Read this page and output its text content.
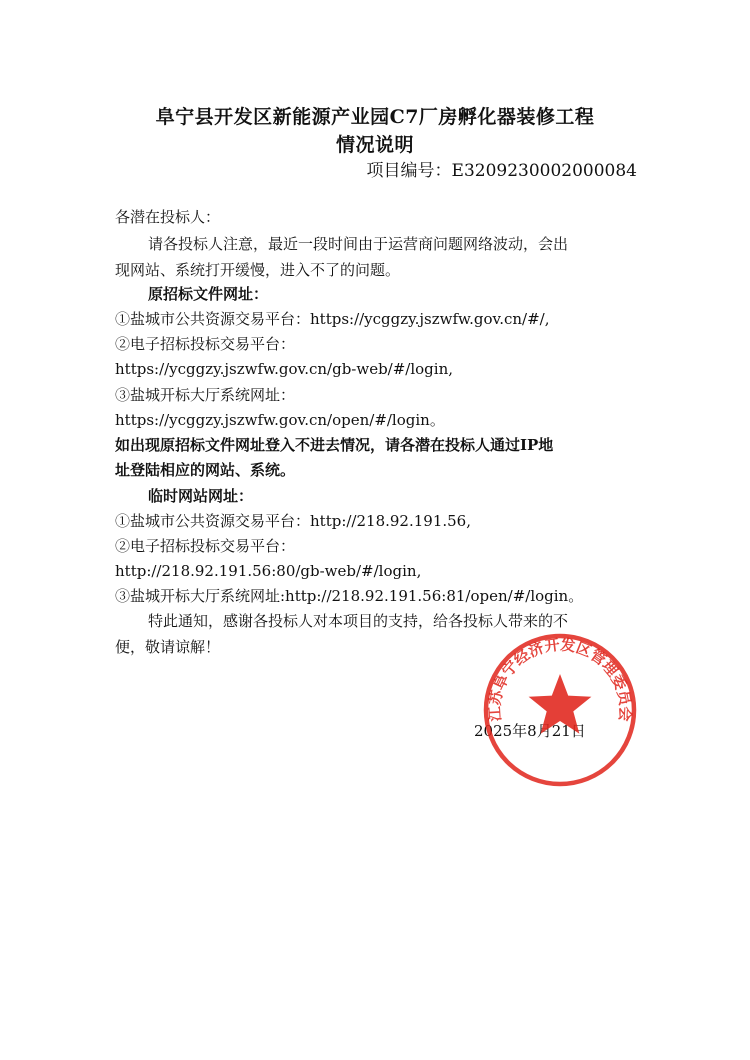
阜宁县开发区新能源产业园C7厂房孵化器装修工程
情况说明
项目编号：E3209230002000084
各潜在投标人：
请各投标人注意，最近一段时间由于运营商问题网络波动，会出
现网站、系统打开缓慢，进入不了的问题。
原招标文件网址：
①盐城市公共资源交易平台：https://ycggzy.jszwfw.gov.cn/#/,
②电子招标投标交易平台：
https://ycggzy.jszwfw.gov.cn/gb-web/#/login,
③盐城开标大厅系统网址：
https://ycggzy.jszwfw.gov.cn/open/#/login。
如出现原招标文件网址登入不进去情况，请各潜在投标人通过IP地
址登陆相应的网站、系统。
临时网站网址：
①盐城市公共资源交易平台：http://218.92.191.56,
②电子招标投标交易平台：
http://218.92.191.56:80/gb-web/#/login,
③盐城开标大厅系统网址:http://218.92.191.56:81/open/#/login。
特此通知，感谢各投标人对本项目的支持，给各投标人带来的不
便，敬请谅解！
2025年8月21日
江苏阜宁经济开发区管理委员会
